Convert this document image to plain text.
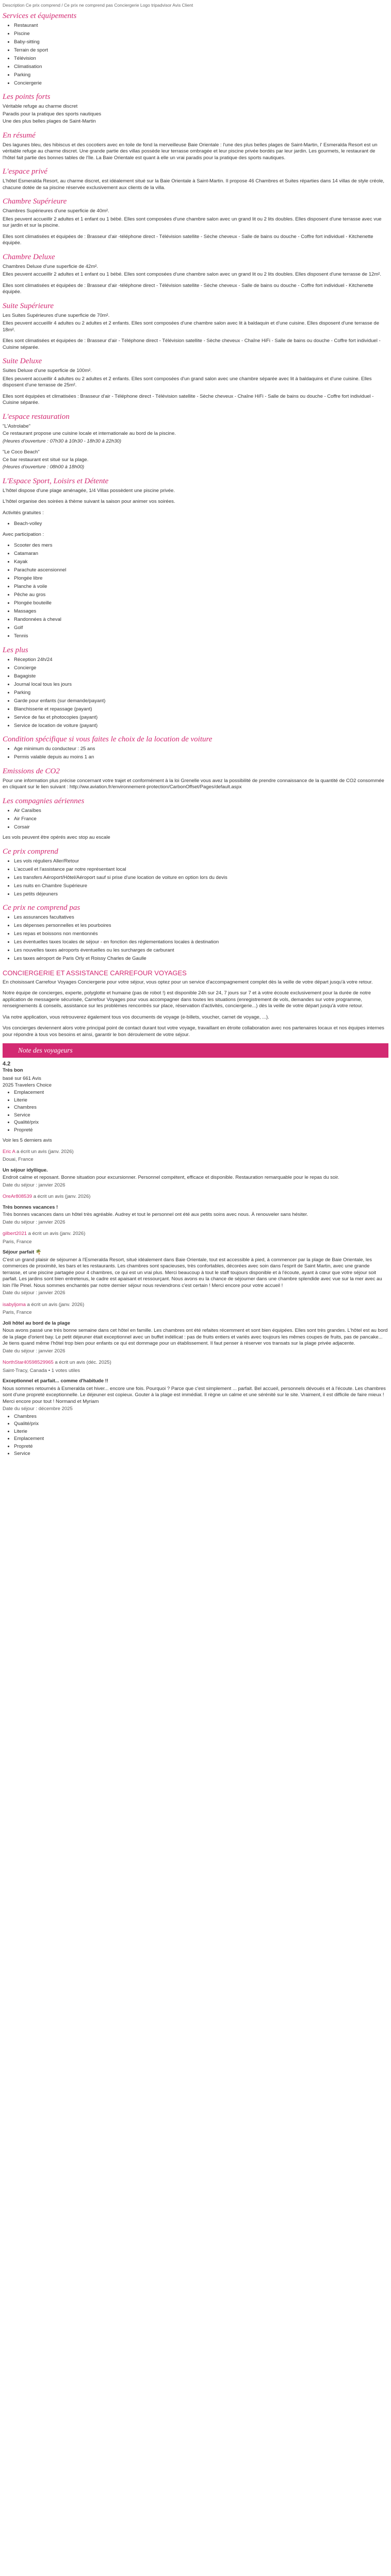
Description Ce prix comprend / Ce prix ne comprend pas Conciergerie Logo tripadvisor Avis Client
Services et équipements
• Restaurant
• Piscine
• Baby-sitting
• Terrain de sport
• Télévision
• Climatisation
• Parking
• Conciergerie
Les points forts

Véritable refuge au charme discret

Paradis pour la pratique des sports nautiques

Une des plus belles plages de Saint-Martin

En résumé

Des lagunes bleu, des hibiscus et des cocotiers avec en toile de fond la merveilleuse Baie Orientale : l'une des plus belles plages de Saint-Martin, l' Esmeralda Resort est un véritable refuge au charme discret. Une grande partie des villas possède leur terrasse ombragée et leur piscine privée bordés par leur jardin. Les gourmets, le restaurant de l'hôtel fait partie des bonnes tables de l'île. La Baie Orientale est quant à elle un vrai paradis pour la pratique des sports nautiques.

L'espace privé

L'hôtel Esmeralda Resort, au charme discret, est idéalement situé sur la Baie Orientale à Saint-Martin. Il propose 46 Chambres et Suites réparties dans 14 villas de style créole, chacune dotée de sa piscine réservée exclusivement aux clients de la villa.

Chambre Supérieure

Chambres Supérieures d'une superficie de 40m².

Elles peuvent accueillir 2 adultes et 1 enfant ou 1 bébé. Elles sont composées d'une chambre salon avec un grand lit ou 2 lits doubles. Elles disposent d'une terrasse avec vue sur jardin et sur la piscine.

Elles sont climatisées et équipées de : Brasseur d'air -téléphone direct - Télévision satellite - Sèche cheveux - Salle de bains ou douche - Coffre fort individuel - Kitchenette équipée.

Chambre Deluxe

Chambres Deluxe d'une superficie de 42m².

Elles peuvent accueillir 2 adultes et 1 enfant ou 1 bébé. Elles sont composées d'une chambre salon avec un grand lit ou 2 lits doubles. Elles disposent d'une terrasse de 12m².

Elles sont climatisées et équipées de : Brasseur d'air -téléphone direct - Télévision satellite - Sèche cheveux - Salle de bains ou douche - Coffre fort individuel - Kitchenette équipée.

Suite Supérieure

Les Suites Supérieures d'une superficie de 70m².

Elles peuvent accueillir 4 adultes ou 2 adultes et 2 enfants. Elles sont composées d'une chambre salon avec lit à baldaquin et d'une cuisine. Elles disposent d'une terrasse de 18m².

Elles sont climatisées et équipées de : Brasseur d'air - Téléphone direct - Télévision satellite - Sèche cheveux - Chaîne HiFi - Salle de bains ou douche - Coffre fort individuel - Cuisine séparée.

Suite Deluxe

Suites Deluxe d'une superficie de 100m².

Elles peuvent accueillir 4 adultes ou 2 adultes et 2 enfants. Elles sont composées d'un grand salon avec une chambre séparée avec lit à baldaquins et d'une cuisine. Elles disposent d'une terrasse de 25m².

Elles sont équipées et climatisées : Brasseur d'air - Téléphone direct - Télévision satellite - Sèche cheveux - Chaîne HiFi - Salle de bains ou douche - Coffre fort individuel - Cuisine séparée.

L'espace restauration

"L'Astrolabe"

Ce restaurant propose une cuisine locale et internationale au bord de la piscine.

(Heures d'ouverture : 07h30 à 10h30 - 18h30 à 22h30)

"Le Coco Beach"

Ce bar restaurant est situé sur la plage.

(Heures d'ouverture : 08h00 à 18h00)

L'Espace Sport, Loisirs et Détente

L'hôtel dispose d'une plage aménagée, 1/4 Villas possèdent une piscine privée.

L'hôtel organise des soirées à thème suivant la saison pour animer vos soirées.

Activités gratuites :

• Beach-volley

Avec participation :

• Scooter des mers
• Catamaran
• Kayak
• Parachute ascensionnel
• Plongée libre
• Planche à voile
• Pêche au gros
• Plongée bouteille
• Massages
• Randonnées à cheval
• Golf
• Tennis
Les plus
• Réception 24h/24
• Concierge
• Bagagiste
• Journal local tous les jours
• Parking
• Garde pour enfants (sur demande/payant)
• Blanchisserie et repassage (payant)
• Service de fax et photocopies (payant)
• Service de location de voiture (payant)
Condition spécifique si vous faites le choix de la location de voiture
• Age minimum du conducteur : 25 ans
• Permis valable depuis au moins 1 an
Emissions de CO2

Pour une information plus précise concernant votre trajet et conformément à la loi Grenelle vous avez la possibilité de prendre connaissance de la quantité de CO2 consommée en cliquant sur le lien suivant : http://ww.aviation.fr/environnement-protection/CarbonOffset/Pages/default.aspx

Les compagnies aériennes
• Air Caraïbes
• Air France
• Corsair

Les vols peuvent être opérés avec stop au escale

Ce prix comprend
• Les vols réguliers Aller/Retour
• L'accueil et l'assistance par notre représentant local
• Les transfers Aéroport/Hôtel/Aéroport sauf si prise d'une location de voiture en option lors du devis
• Les nuits en Chambre Supérieure
• Les petits déjeuners
Ce prix ne comprend pas
• Les assurances facultatives
• Les dépenses personnelles et les pourboires
• Les repas et boissons non mentionnés
• Les éventuelles taxes locales de séjour - en fonction des réglementations locales à destination
• Les nouvelles taxes aéroports éventuelles ou les surcharges de carburant
• Les taxes aéroport de Paris Orly et Roissy Charles de Gaulle
CONCIERGERIE ET ASSISTANCE CARREFOUR VOYAGES

En choisissant Carrefour Voyages Conciergerie pour votre séjour, vous optez pour un service d'accompagnement complet dès la veille de votre départ jusqu'à votre retour.

Notre équipe de concierges, experte, polyglotte et humaine (pas de robot !) est disponible 24h sur 24, 7 jours sur 7 et à votre écoute exclusivement pour la durée de notre application de messagerie sécurisée, Carrefour Voyages pour vous accompagner dans toutes les situations (enregistrement de vols, demandes sur votre programme, renseignements & conseils, assistance sur les problèmes rencontrés sur place, réservation d'activités, conciergerie...) dès la veille de votre départ jusqu'à votre retour.

Via notre application, vous retrouverez également tous vos documents de voyage (e-billets, voucher, carnet de voyage, ...).

Vos concierges deviennent alors votre principal point de contact durant tout votre voyage, travaillant en étroite collaboration avec nos partenaires locaux et nos équipes internes pour répondre à tous vos besoins et ainsi, garantir le bon déroulement de votre séjour.

Note des voyageurs
4.2
Très bon
basé sur 661 Avis
2025 Travelers Choice
• Emplacement
• Literie
• Chambres
• Service
• Qualité/prix
• Propreté

Voir les 5 derniers avis

Eric A a écrit un avis (janv. 2026)
Douai, France
Un séjour idyllique.
Endroit calme et reposant. Bonne situation pour excursionner. Personnel compétent, efficace et disponible. Restauration remarquable pour le repas du soir.
Date du séjour : janvier 2026
OreAr808539 a écrit un avis (janv. 2026)
Très bonnes vacances !
Très bonnes vacances dans un hôtel très agréable. Audrey et tout le personnel ont été aux petits soins avec nous. À renouveler sans hésiter.
Date du séjour : janvier 2026
gilbert2021 a écrit un avis (janv. 2026)
Paris, France
Séjour parfait 🌴
C'est un grand plaisir de séjourner à l'Esmeralda Resort, situé idéalement dans Baie Orientale, tout est accessible à pied, à commencer par la plage de Baie Orientale, les commerces de proximité, les bars et les restaurants. Les chambres sont spacieuses, très confortables, décorées avec soin dans l'esprit de Saint Martin, avec une grande terrasse, et une piscine partagée pour 4 chambres, ce qui est un vrai plus. Merci beaucoup à tout le staff toujours disponible et à l'écoute, ayant à cœur que votre séjour soit parfait. Les jardins sont bien entretenus, le cadre est apaisant et ressourçant. Nous avons eu la chance de séjourner dans une chambre splendide avec vue sur la mer avec au loin l'île Pinel. Nous sommes enchantés par notre dernier séjour nous reviendrons c'est certain ! Merci encore pour votre accueil !
Date du séjour : janvier 2026
isabyljoma a écrit un avis (janv. 2026)
Paris, France
Joli hôtel au bord de la plage
Nous avons passé une très bonne semaine dans cet hôtel en famille. Les chambres ont été refaites récemment et sont bien équipées. Elles sont très grandes. L'hôtel est au bord de la plage d'orient bay. Le petit déjeuner était exceptionnel avec un buffet indélicat : pas de fruits entiers et variés avec toujours les mêmes coupes de fruits, pas de pancake... Je tiens quand même l'hôtel trop bien pour enfants ce qui est dommage pour un établissement. Il faut penser à réserver vos transats sur la plage privée adjacente.
Date du séjour : janvier 2026
NorthStar40598529965 a écrit un avis (déc. 2025)
Saint-Tracy, Canada • 1 votes utiles
Exceptionnel et parfait... comme d'habitude !!
Nous sommes retournés à Esmeralda cet hiver... encore une fois. Pourquoi ? Parce que c'est simplement ... parfait. Bel accueil, personnels dévoués et à l'écoute. Les chambres sont d'une propreté exceptionnelle. Le déjeuner est copieux. Gouter à la plage est immédiat. Il règne un calme et une sérénité sur le site. Vraiment, il est difficile de faire mieux ! Merci encore pour tout ! Normand et Myriam
Date du séjour : décembre 2025
• Chambres
• Qualité/prix
• Literie
• Emplacement
• Propreté
• Service
